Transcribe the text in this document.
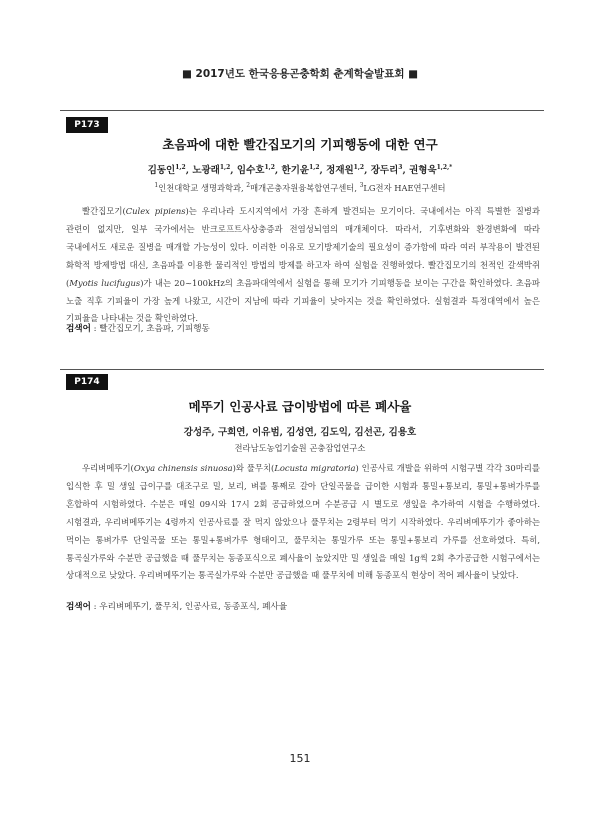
■ 2017년도 한국응용곤충학회 춘계학술발표회 ■
P173
초음파에 대한 빨간집모기의 기피행동에 대한 연구
김동인$^{1,2}$, 노광래$^{1,2}$, 임수호$^{1,2}$, 한기윤$^{1,2}$, 정재원$^{1,2}$, 장두리$^3$, 권형욱$^{1,2,*}$
$^1$인천대학교 생명과학과, $^2$매개곤충자원융복합연구센터, $^3$LG전자 HAE연구센터
빨간집모기(Culex pipiens)는 우리나라 도시지역에서 가장 흔하게 발견되는 모기이다. 국내에서는 아직 특별한 질병과 관련이 없지만, 일부 국가에서는 반크로프트사상충증과 전염성뇌염의 매개체이다. 따라서, 기후변화와 환경변화에 따라 국내에서도 새로운 질병을 매개할 가능성이 있다. 이러한 이유로 모기방제기술의 필요성이 증가함에 따라 여러 부작용이 발견된 화학적 방제방법 대신, 초음파를 이용한 물리적인 방법의 방제를 하고자 하여 실험을 진행하였다. 빨간집모기의 천적인 갈색박쥐(Myotis lucifugus)가 내는 20~100kHz의 초음파대역에서 실험을 통해 모기가 기피행동을 보이는 구간을 확인하였다. 초음파 노출 직후 기피율이 가장 높게 나왔고, 시간이 지남에 따라 기피율이 낮아지는 것을 확인하였다. 실험결과 특정대역에서 높은 기피율을 나타내는 것을 확인하였다.
검색어 : 빨간집모기, 초음파, 기피행동
P174
메뚜기 인공사료 급이방법에 따른 폐사율
강성주, 구희연, 이유범, 김성연, 김도익, 김선곤, 김용호
전라남도농업기술원 곤충잠업연구소
우리벼메뚜기(Oxya chinensis sinuosa)와 풀무치(Locusta migratoria) 인공사료 개발을 위하여 시험구별 각각 30마리를 입식한 후 밀 생잎 급이구를 대조구로 밀, 보리, 벼를 통째로 갈아 단일곡물을 급이한 시험과 통밀+통보리, 통밀+통벼가루를 혼합하여 시험하였다. 수분은 매일 09시와 17시 2회 공급하였으며 수분공급 시 별도로 생잎을 추가하여 시험을 수행하였다. 시험결과, 우리벼메뚜기는 4령까지 인공사료를 잘 먹지 않았으나 풀무치는 2령부터 먹기 시작하였다. 우리벼메뚜기가 좋아하는 먹이는 통벼가루 단일곡물 또는 통밀+통벼가루 형태이고, 풀무치는 통밀가루 또는 통밀+통보리 가루를 선호하였다. 특히, 통곡실가루와 수분만 공급했을 때 풀무치는 동종포식으로 폐사율이 높았지만 밀 생잎을 매일 1g씩 2회 추가공급한 시험구에서는 상대적으로 낮았다. 우리벼메뚜기는 통곡실가루와 수분만 공급했을 때 풀무치에 비해 동종포식 현상이 적어 폐사율이 낮았다.
검색어 : 우리벼메뚜기, 풀무치, 인공사료, 동종포식, 폐사율
151
